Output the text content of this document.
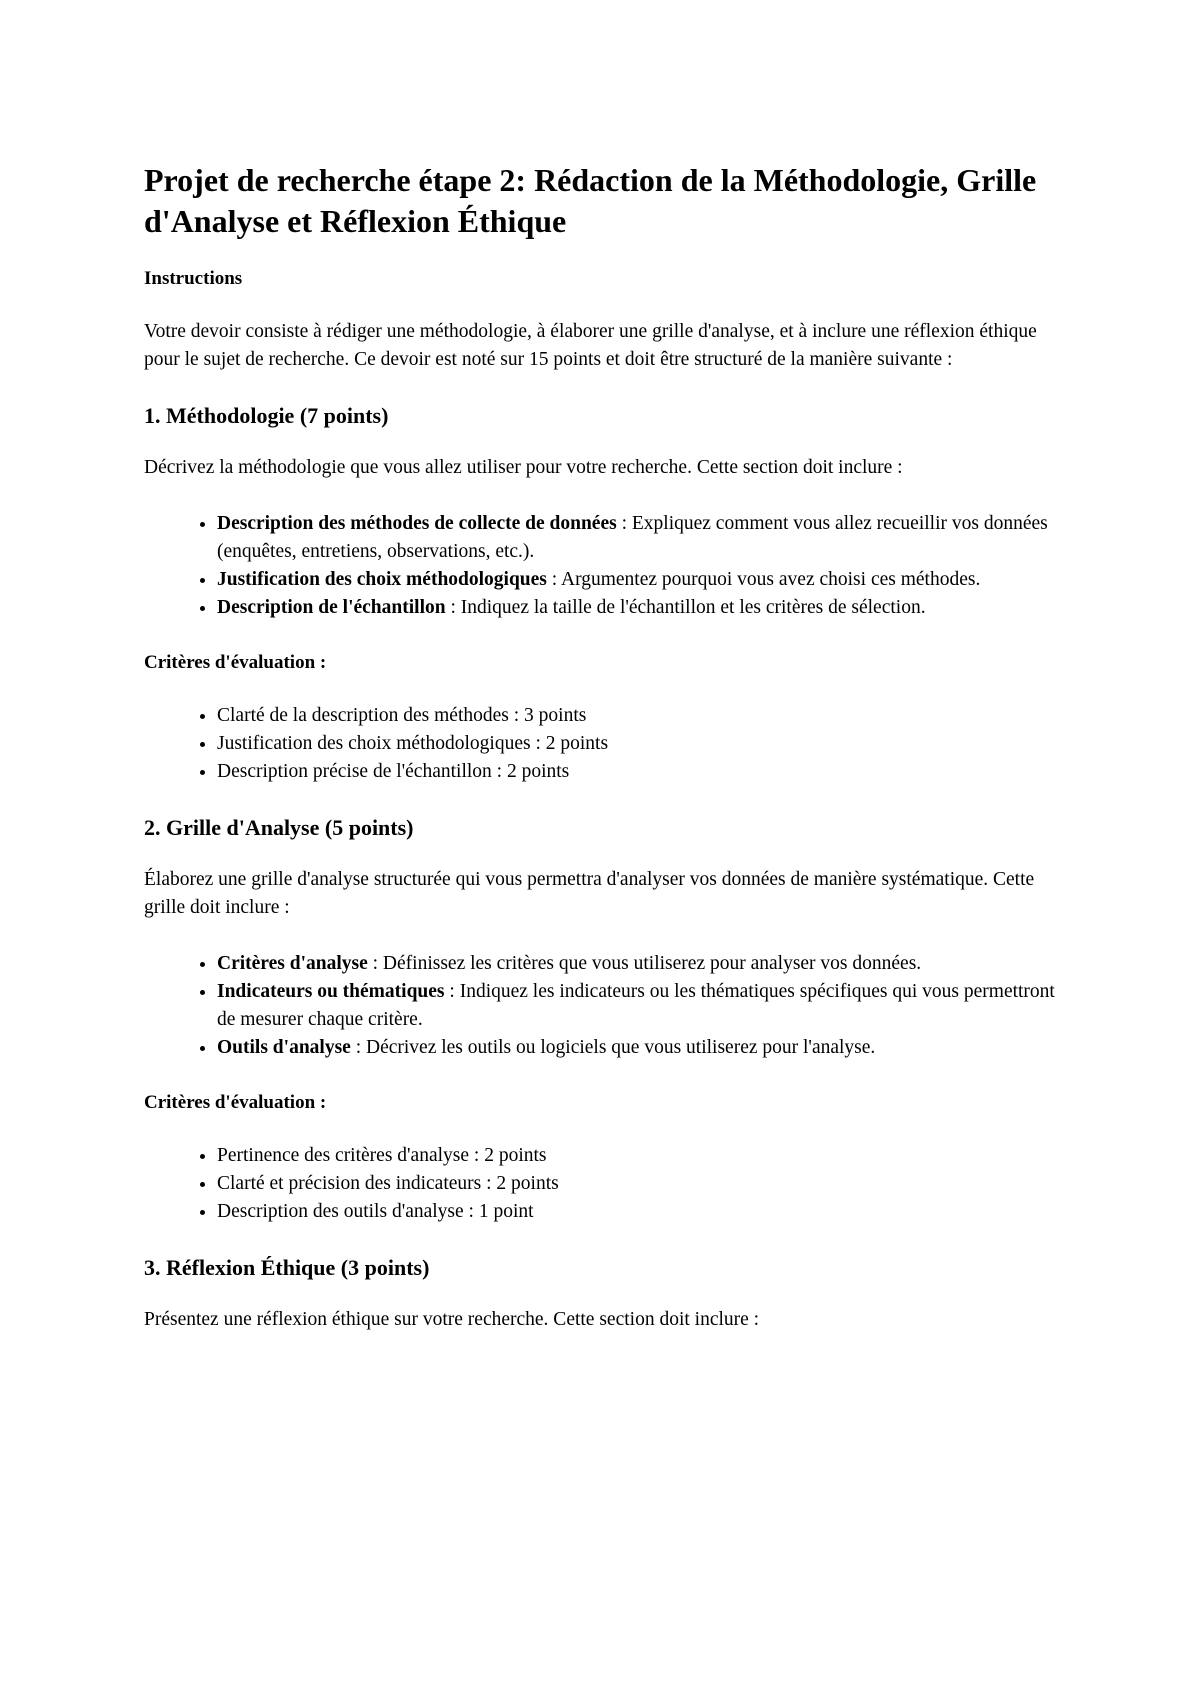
Projet de recherche étape 2: Rédaction de la Méthodologie, Grille d'Analyse et Réflexion Éthique
Instructions

Votre devoir consiste à rédiger une méthodologie, à élaborer une grille d'analyse, et à inclure une réflexion éthique pour le sujet de recherche. Ce devoir est noté sur 15 points et doit être structuré de la manière suivante :

1. Méthodologie (7 points)

Décrivez la méthodologie que vous allez utiliser pour votre recherche. Cette section doit inclure :

• Description des méthodes de collecte de données : Expliquez comment vous allez recueillir vos données (enquêtes, entretiens, observations, etc.).
• Justification des choix méthodologiques : Argumentez pourquoi vous avez choisi ces méthodes.
• Description de l'échantillon : Indiquez la taille de l'échantillon et les critères de sélection.
Critères d'évaluation :
• Clarté de la description des méthodes : 3 points
• Justification des choix méthodologiques : 2 points
• Description précise de l'échantillon : 2 points
2. Grille d'Analyse (5 points)

Élaborez une grille d'analyse structurée qui vous permettra d'analyser vos données de manière systématique. Cette grille doit inclure :

• Critères d'analyse : Définissez les critères que vous utiliserez pour analyser vos données.
• Indicateurs ou thématiques : Indiquez les indicateurs ou les thématiques spécifiques qui vous permettront de mesurer chaque critère.
• Outils d'analyse : Décrivez les outils ou logiciels que vous utiliserez pour l'analyse.
Critères d'évaluation :
• Pertinence des critères d'analyse : 2 points
• Clarté et précision des indicateurs : 2 points
• Description des outils d'analyse : 1 point
3. Réflexion Éthique (3 points)

Présentez une réflexion éthique sur votre recherche. Cette section doit inclure :
